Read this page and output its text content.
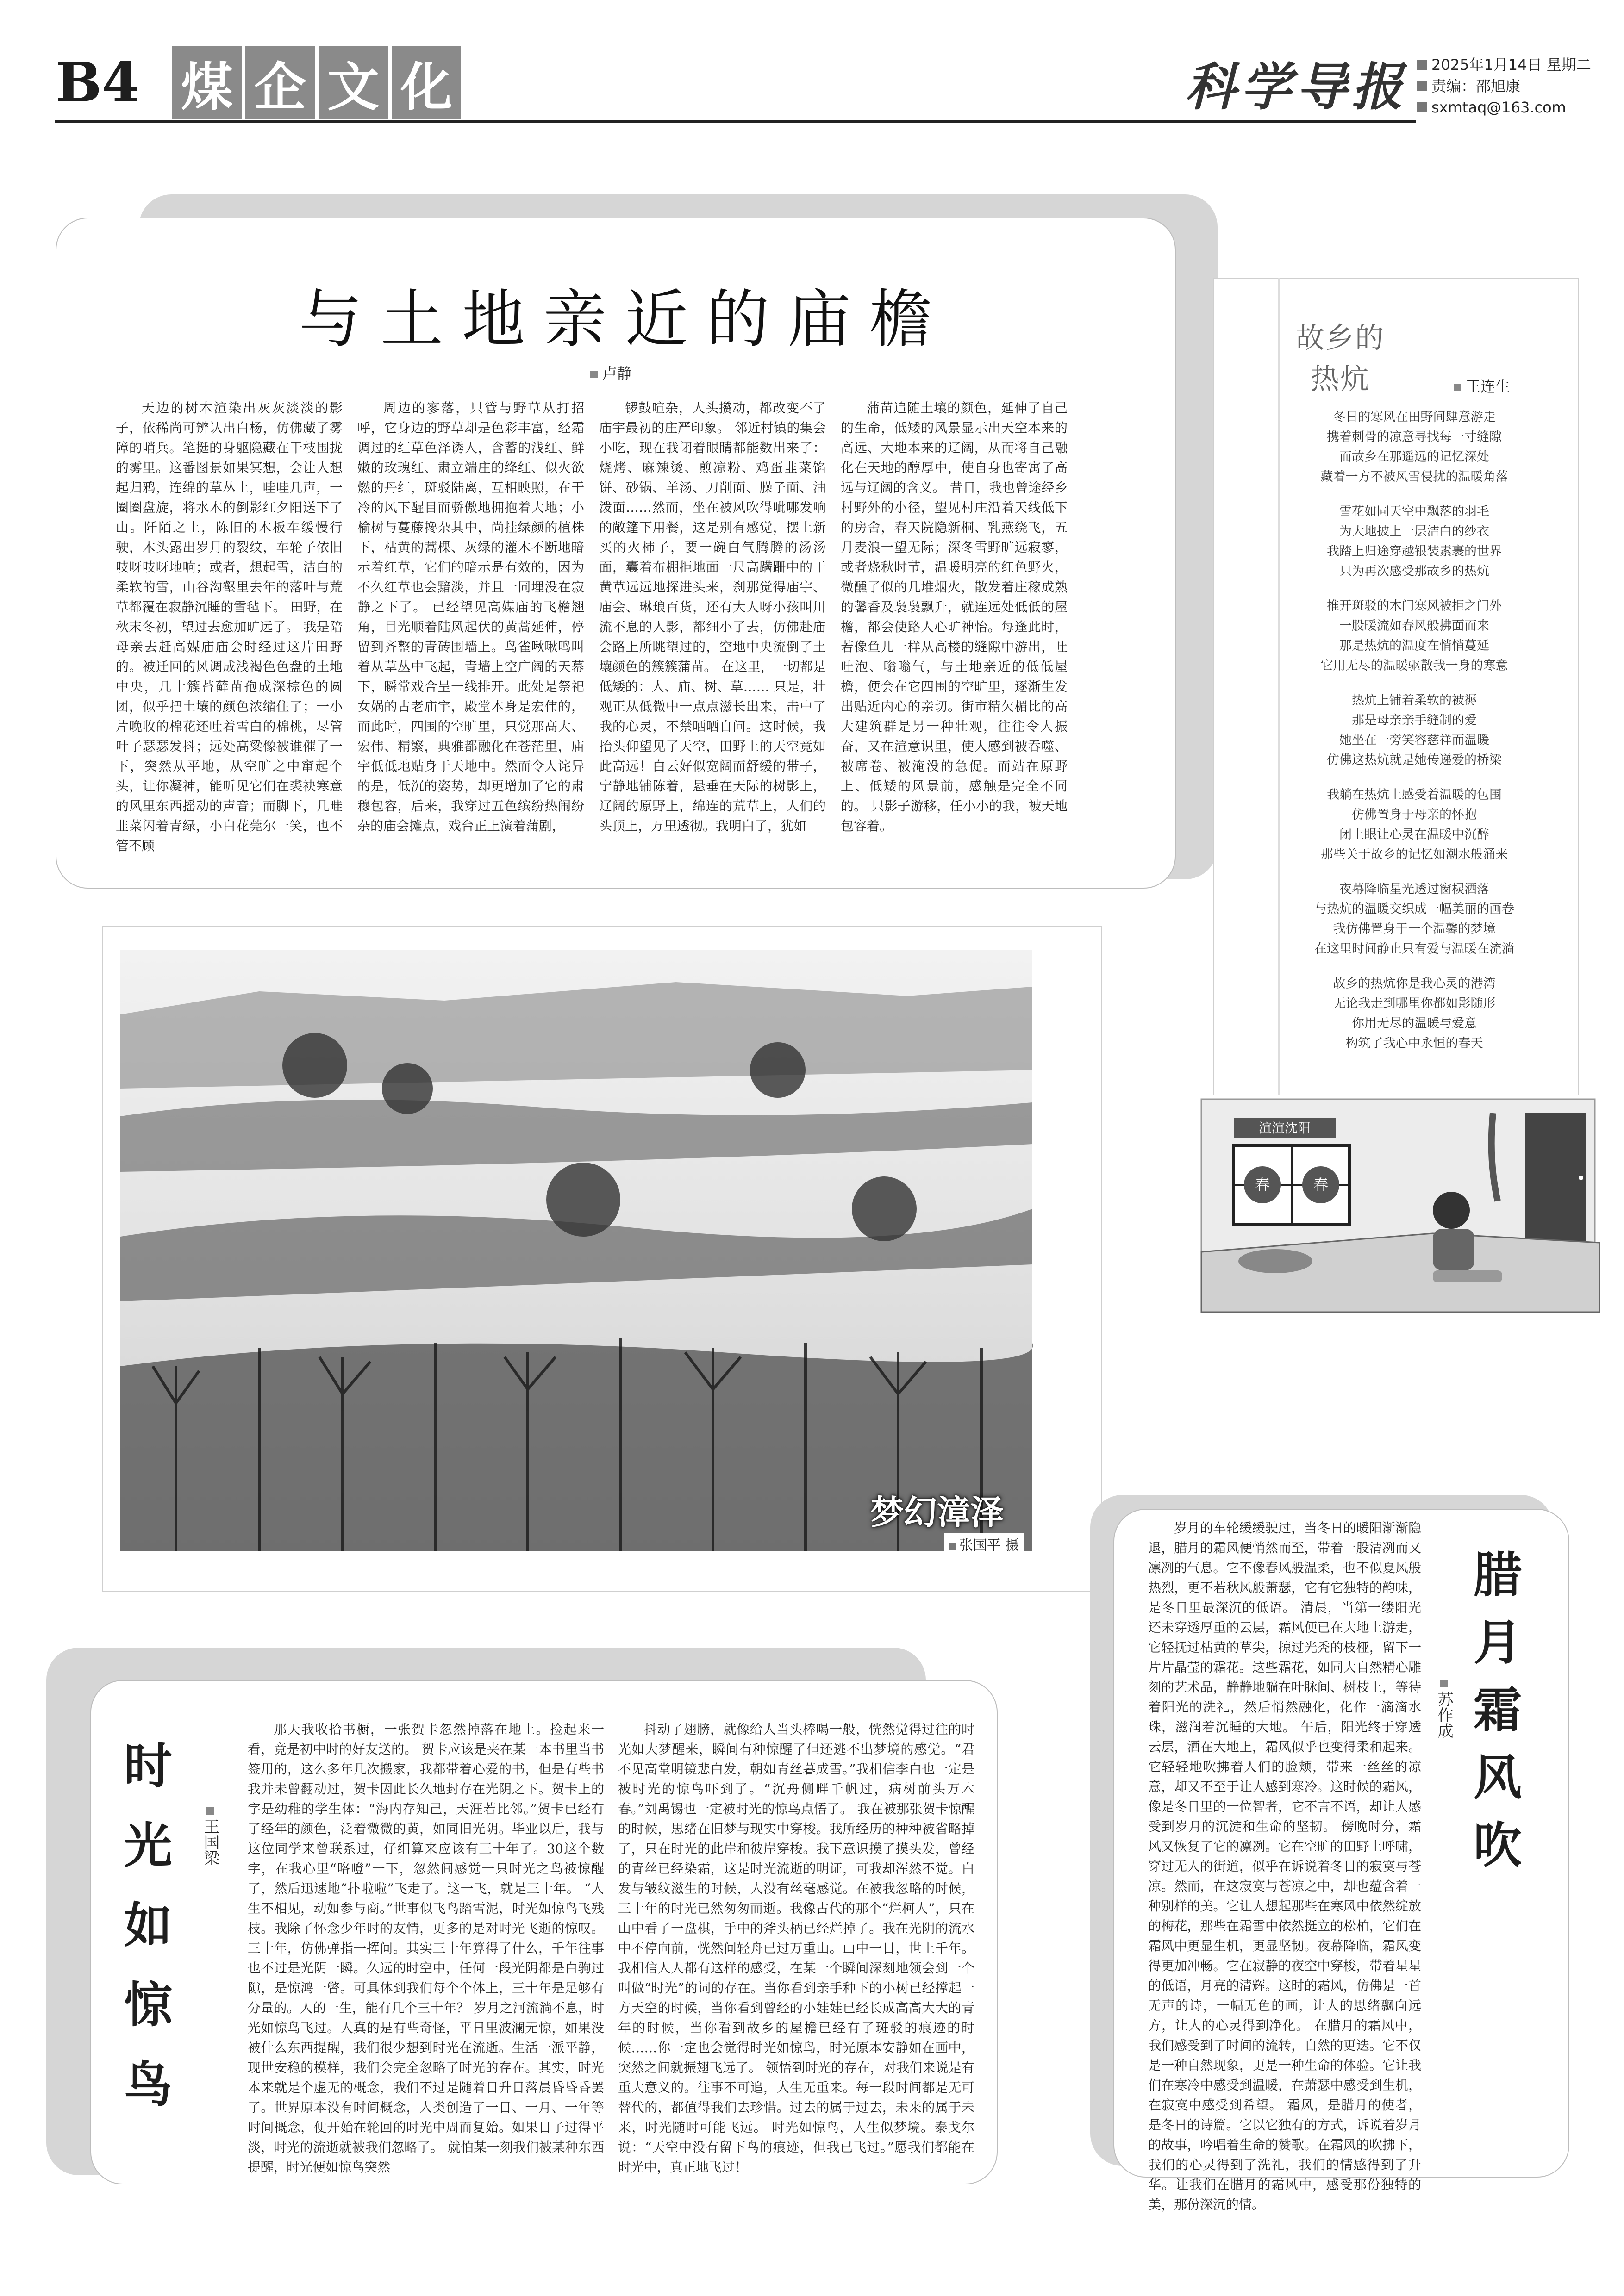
B4 煤 企 文 化	科学导报	2025年1月14日 星期二
责编：邵旭康
sxmtaq@163.com
与土地亲近的庙檐
卢静

天边的树木渲染出灰灰淡淡的影子，依稀尚可辨认出白杨，仿佛藏了雾障的哨兵。笔挺的身躯隐藏在干枝围拢的雾里。这番图景如果冥想，会让人想起归鸦，连绵的草丛上，哇哇几声，一圈圈盘旋，将水木的倒影红夕阳送下了山。阡陌之上，陈旧的木板车缓慢行驶，木头露出岁月的裂纹，车轮子依旧吱呀吱呀地响；或者，想起雪，洁白的柔软的雪，山谷沟壑里去年的落叶与荒草都覆在寂静沉睡的雪毡下。 田野，在秋末冬初，望过去愈加旷远了。 我是陪母亲去赶高媒庙庙会时经过这片田野的。被迁回的风调成浅褐色色盘的土地中央，几十簇苔藓苗孢成深棕色的圆团，似乎把土壤的颜色浓缩住了；一小片晚收的棉花还吐着雪白的棉桃，尽管叶子瑟瑟发抖；远处高粱像被谁催了一下，突然从平地，从空旷之中窜起个头，让你凝神，能听见它们在裘袂寒意的风里东西摇动的声音；而脚下，几畦韭菜闪着青绿，小白花莞尔一笑，也不管不顾

周边的寥落，只管与野草从打招呼，它身边的野草却是色彩丰富，经霜调过的红草色泽诱人，含蓄的浅红、鲜嫩的玫瑰红、肃立端庄的绛红、似火欲燃的丹红，斑驳陆离，互相映照，在干冷的风下醒目而骄傲地拥抱着大地；小榆树与蔓藤搀杂其中，尚挂绿颜的植株下，枯黄的蒿棵、灰绿的灌木不断地暗示着红草，它们的暗示是有效的，因为不久红草也会黯淡，并且一同埋没在寂静之下了。 已经望见高媒庙的飞檐翘角，目光顺着陆风起伏的黄蒿延伸，停留到齐整的青砖围墙上。鸟雀啾啾鸣叫着从草丛中飞起，青墙上空广阔的天幕下，瞬常戏合呈一线排开。此处是祭祀女娲的古老庙宇，殿堂本身是宏伟的，而此时，四围的空旷里，只觉那高大、宏伟、精繁，典雅都融化在苍茫里，庙宇低低地贴身于天地中。然而令人诧异的是，低沉的姿势，却更增加了它的肃穆包容，后来，我穿过五色缤纷热闹纷杂的庙会摊点，戏台正上演着蒲剧，

锣鼓喧杂，人头攒动，都改变不了庙宇最初的庄严印象。 邻近村镇的集会小吃，现在我闭着眼睛都能数出来了：烧烤、麻辣烫、煎凉粉、鸡蛋韭菜馅饼、砂锅、羊汤、刀削面、臊子面、油泼面……然而，坐在被风吹得呲哪发响的敞篷下用餐，这是别有感觉，摆上新买的火柿子，要一碗白气腾腾的汤汤面，囊着布棚拒地面一尺高蹒跚中的干黄草远远地探进头来，刹那觉得庙宇、庙会、琳琅百货，还有大人呀小孩叫川流不息的人影，都细小了去，仿佛赴庙会路上所眺望过的，空地中央流倒了土壤颜色的簇簇蒲苗。 在这里，一切都是低矮的：人、庙、树、草…… 只是，壮观正从低微中一点点滋长出来，击中了我的心灵，不禁晒晒自问。这时候，我抬头仰望见了天空，田野上的天空竟如此高远！白云好似宽阔而舒缓的带子，宁静地铺陈着，悬垂在天际的树影上，辽阔的原野上，绵连的荒草上，人们的头顶上，万里透彻。我明白了，犹如

蒲苗追随土壤的颜色，延伸了自己的生命，低矮的风景显示出天空本来的高远、大地本来的辽阔，从而将自己融化在天地的醇厚中，使自身也寄寓了高远与辽阔的含义。 昔日，我也曾途经乡村野外的小径，望见村庄沿着天线低下的房舍，春天院隐新桐、乳燕绕飞，五月麦浪一望无际；深冬雪野旷远寂寥，或者烧秋时节，温暖明亮的红色野火，微醺了似的几堆烟火，散发着庄稼成熟的馨香及袅袅飘升，就连远处低低的屋檐，都会使路人心旷神怡。每逢此时，若像鱼儿一样从高楼的缝隙中游出，吐吐泡、嗡嗡气，与土地亲近的低低屋檐，便会在它四围的空旷里，逐渐生发出贴近内心的亲切。街市精欠楣比的高大建筑群是另一种壮观，往往令人振奋，又在渲意识里，使人感到被吞噬、被席卷、被淹没的急促。而站在原野上、低矮的风景前，感触是完全不同的。 只影子游移，任小小的我，被天地包容着。

故乡的热炕	王连生
冬日的寒风在田野间肆意游走
携着刺骨的凉意寻找每一寸缝隙
而故乡在那遥远的记忆深处
藏着一方不被风雪侵扰的温暖角落
雪花如同天空中飘落的羽毛
为大地披上一层洁白的纱衣
我踏上归途穿越银装素裹的世界
只为再次感受那故乡的热炕
推开斑驳的木门寒风被拒之门外
一股暖流如春风般拂面而来
那是热炕的温度在悄悄蔓延
它用无尽的温暖驱散我一身的寒意
热炕上铺着柔软的被褥
那是母亲亲手缝制的爱
她坐在一旁笑容慈祥而温暖
仿佛这热炕就是她传递爱的桥梁
我躺在热炕上感受着温暖的包围
仿佛置身于母亲的怀抱
闭上眼让心灵在温暖中沉醉
那些关于故乡的记忆如潮水般涌来
夜幕降临星光透过窗棂洒落
与热炕的温暖交织成一幅美丽的画卷
我仿佛置身于一个温馨的梦境
在这里时间静止只有爱与温暖在流淌
故乡的热炕你是我心灵的港湾
无论我走到哪里你都如影随形
你用无尽的温暖与爱意
构筑了我心中永恒的春天
渲渲沈阳
春	春
梦幻漳泽
张国平 摄
腊
月
霜
风
吹
苏作成

岁月的车轮缓缓驶过，当冬日的暖阳渐渐隐退，腊月的霜风便悄然而至，带着一股清冽而又凛冽的气息。它不像春风般温柔，也不似夏风般热烈，更不若秋风般萧瑟，它有它独特的韵味，是冬日里最深沉的低语。 清晨，当第一缕阳光还未穿透厚重的云层，霜风便已在大地上游走，它轻抚过枯黄的草尖，掠过光秃的枝桠，留下一片片晶莹的霜花。这些霜花，如同大自然精心雕刻的艺术品，静静地躺在叶脉间、树枝上，等待着阳光的洗礼，然后悄然融化，化作一滴滴水珠，滋润着沉睡的大地。 午后，阳光终于穿透云层，洒在大地上，霜风似乎也变得柔和起来。它轻轻地吹拂着人们的脸颊，带来一丝丝的凉意，却又不至于让人感到寒冷。这时候的霜风，像是冬日里的一位智者，它不言不语，却让人感受到岁月的沉淀和生命的坚韧。 傍晚时分，霜风又恢复了它的凛冽。它在空旷的田野上呼啸，穿过无人的街道，似乎在诉说着冬日的寂寞与苍凉。然而，在这寂寞与苍凉之中，却也蕴含着一种别样的美。它让人想起那些在寒风中依然绽放的梅花，那些在霜雪中依然挺立的松柏，它们在霜风中更显生机，更显坚韧。夜幕降临，霜风变得更加冲畅。它在寂静的夜空中穿梭，带着星星的低语，月亮的清辉。这时的霜风，仿佛是一首无声的诗，一幅无色的画，让人的思绪飘向远方，让人的心灵得到净化。 在腊月的霜风中，我们感受到了时间的流转，自然的更迭。它不仅是一种自然现象，更是一种生命的体验。它让我们在寒冷中感受到温暖，在萧瑟中感受到生机，在寂寞中感受到希望。 霜风，是腊月的使者，是冬日的诗篇。它以它独有的方式，诉说着岁月的故事，吟唱着生命的赞歌。在霜风的吹拂下，我们的心灵得到了洗礼，我们的情感得到了升华。让我们在腊月的霜风中，感受那份独特的美，那份深沉的情。

时
光
如
惊
鸟
王国梁

那天我收拾书橱，一张贺卡忽然掉落在地上。捡起来一看，竟是初中时的好友送的。 贺卡应该是夹在某一本书里当书签用的，这么多年几次搬家，我都带着心爱的书，但是有些书我并未曾翻动过，贺卡因此长久地封存在光阴之下。贺卡上的字是幼稚的学生体：“海内存知己，天涯若比邻。”贺卡已经有了经年的颜色，泛着微微的黄，如同旧光阴。毕业以后，我与这位同学来曾联系过，仔细算来应该有三十年了。30这个数字，在我心里“咯噔”一下，忽然间感觉一只时光之鸟被惊醒了，然后迅速地“扑啦啦”飞走了。这一飞，就是三十年。 “人生不相见，动如参与商。”世事似飞鸟踏雪泥，时光如惊鸟飞残枝。我除了怀念少年时的友情，更多的是对时光飞逝的惊叹。三十年，仿佛弹指一挥间。其实三十年算得了什么，千年往事也不过是光阴一瞬。久远的时空中，任何一段光阴都是白驹过隙，是惊鸿一瞥。可具体到我们每个个体上，三十年是足够有分量的。人的一生，能有几个三十年？ 岁月之河流淌不息，时光如惊鸟飞过。人真的是有些奇怪，平日里波澜无惊，如果没被什么东西提醒，我们很少想到时光在流逝。生活一派平静，现世安稳的模样，我们会完全忽略了时光的存在。其实，时光本来就是个虚无的概念，我们不过是随着日升日落晨昏昏昏罢了。世界原本没有时间概念，人类创造了一日、一月、一年等时间概念，便开始在轮回的时光中周而复始。如果日子过得平淡，时光的流逝就被我们忽略了。 就怕某一刻我们被某种东西提醒，时光便如惊鸟突然

抖动了翅膀，就像给人当头棒喝一般，恍然觉得过往的时光如大梦醒来，瞬间有种惊醒了但还逃不出梦境的感觉。“君不见高堂明镜悲白发，朝如青丝暮成雪。”我相信李白也一定是被时光的惊鸟吓到了。“沉舟侧畔千帆过，病树前头万木春。”刘禹锡也一定被时光的惊鸟点悟了。 我在被那张贺卡惊醒的时候，思绪在旧梦与现实中穿梭。我所经历的种种被省略掉了，只在时光的此岸和彼岸穿梭。我下意识摸了摸头发，曾经的青丝已经染霜，这是时光流逝的明证，可我却浑然不觉。白发与皱纹滋生的时候，人没有丝毫感觉。在被我忽略的时候，三十年的时光已然匆匆而逝。我像古代的那个“烂柯人”，只在山中看了一盘棋，手中的斧头柄已经烂掉了。我在光阴的流水中不停向前，恍然间轻舟已过万重山。山中一日，世上千年。 我相信人人都有这样的感受，在某一个瞬间深刻地领会到一个叫做“时光”的词的存在。当你看到亲手种下的小树已经撑起一方天空的时候，当你看到曾经的小娃娃已经长成高高大大的青年的时候，当你看到故乡的屋檐已经有了斑驳的痕迹的时候……你一定也会觉得时光如惊鸟，时光原本安静如在画中，突然之间就振翅飞远了。 领悟到时光的存在，对我们来说是有重大意义的。往事不可追，人生无重来。每一段时间都是无可替代的，都值得我们去珍惜。过去的属于过去，未来的属于未来，时光随时可能飞远。 时光如惊鸟，人生似梦境。泰戈尔说：“天空中没有留下鸟的痕迹，但我已飞过。”愿我们都能在时光中，真正地飞过！
